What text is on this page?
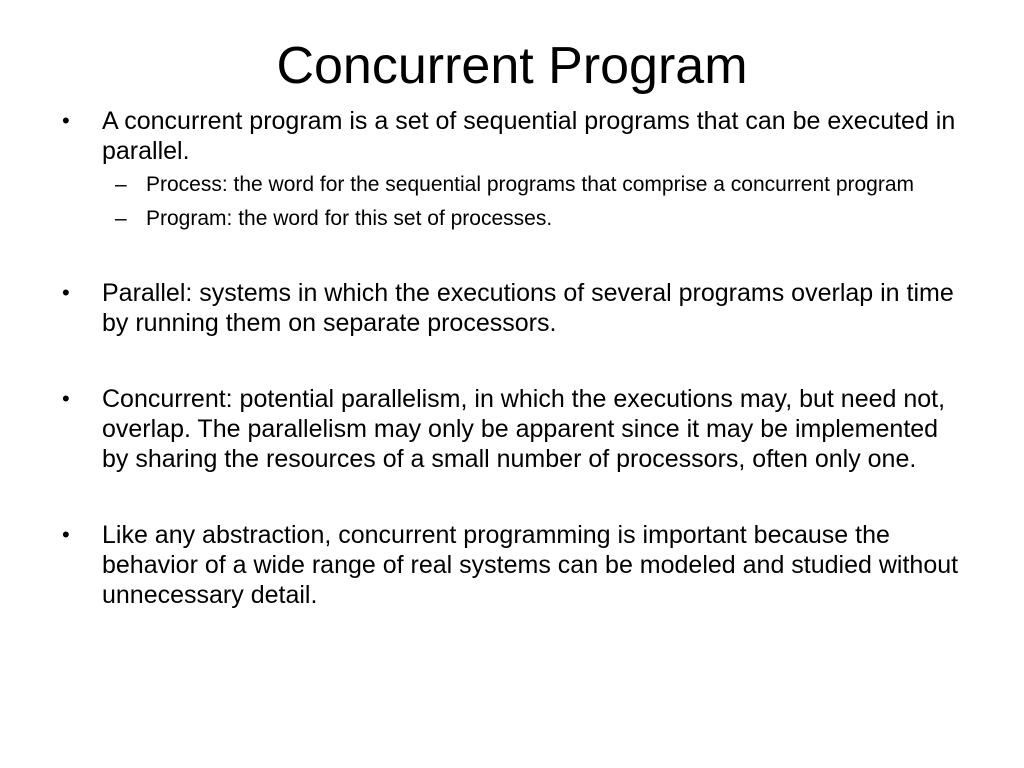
Concurrent Program
• A concurrent program is a set of sequential programs that can be executed in parallel.
– Process: the word for the sequential programs that comprise a concurrent program
– Program: the word for this set of processes.
• Parallel: systems in which the executions of several programs overlap in time by running them on separate processors.
• Concurrent: potential parallelism, in which the executions may, but need not, overlap. The parallelism may only be apparent since it may be implemented by sharing the resources of a small number of processors, often only one.
• Like any abstraction, concurrent programming is important because the behavior of a wide range of real systems can be modeled and studied without unnecessary detail.
